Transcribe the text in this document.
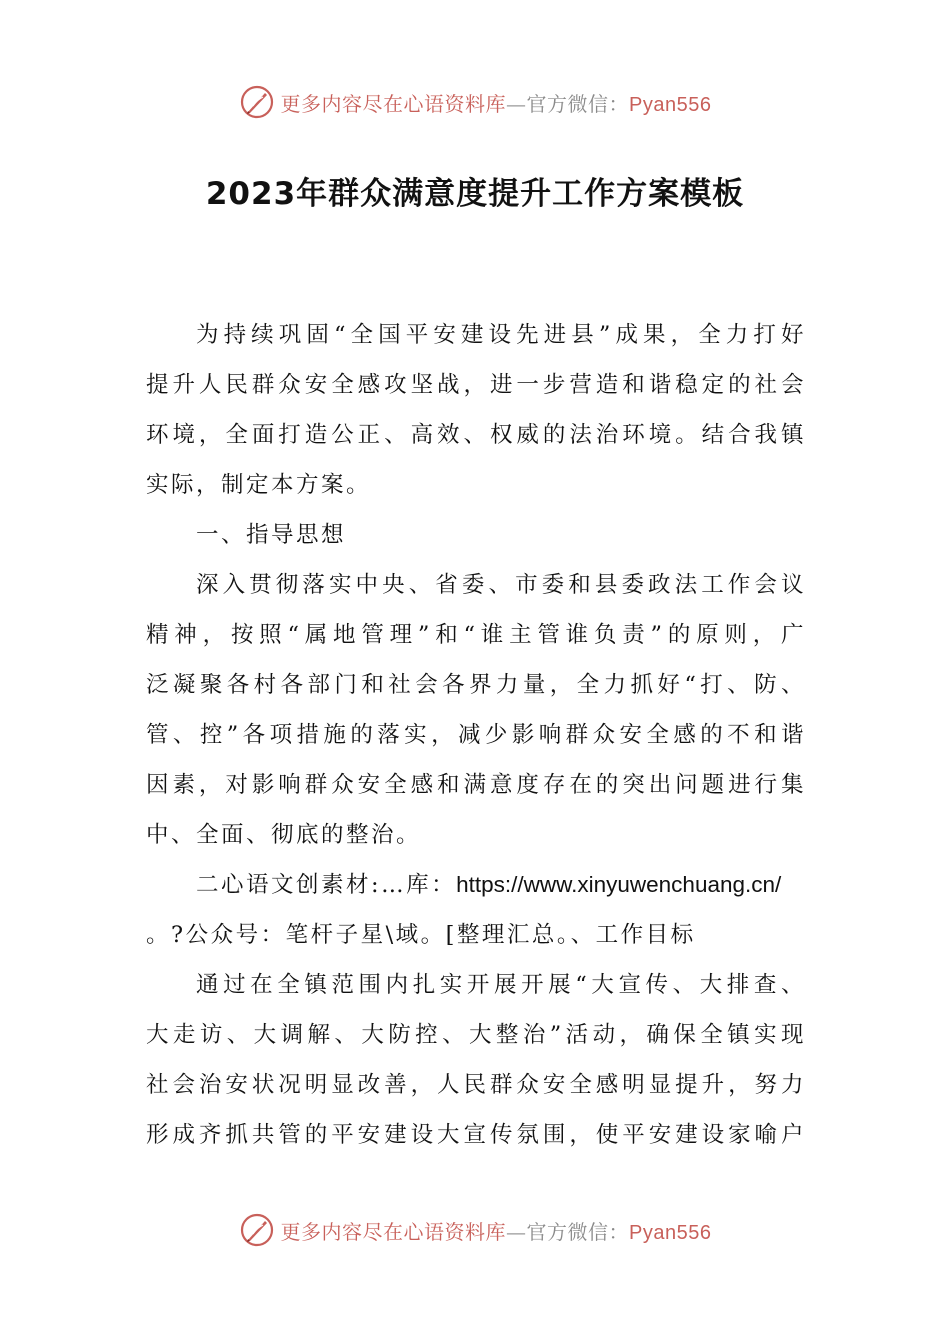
更多内容尽在心语资料库—官方微信：Pyan556
2023年群众满意度提升工作方案模板
为持续巩固“全国平安建设先进县”成果，全力打好
提升人民群众安全感攻坚战，进一步营造和谐稳定的社会
环境，全面打造公正、高效、权威的法治环境。结合我镇
实际，制定本方案。
一、指导思想
深入贯彻落实中央、省委、市委和县委政法工作会议
精神，按照“属地管理”和“谁主管谁负责”的原则，广
泛凝聚各村各部门和社会各界力量，全力抓好“打、防、
管、控”各项措施的落实，减少影响群众安全感的不和谐
因素，对影响群众安全感和满意度存在的突出问题进行集
中、全面、彻底的整治。
二心语文创素材:…库：https://www.xinyuwenchuang.cn/
。?公众号：笔杆子星\域。[整理汇总。、工作目标
通过在全镇范围内扎实开展开展“大宣传、大排查、
大走访、大调解、大防控、大整治”活动，确保全镇实现
社会治安状况明显改善，人民群众安全感明显提升，努力
形成齐抓共管的平安建设大宣传氛围，使平安建设家喻户
更多内容尽在心语资料库—官方微信：Pyan556
